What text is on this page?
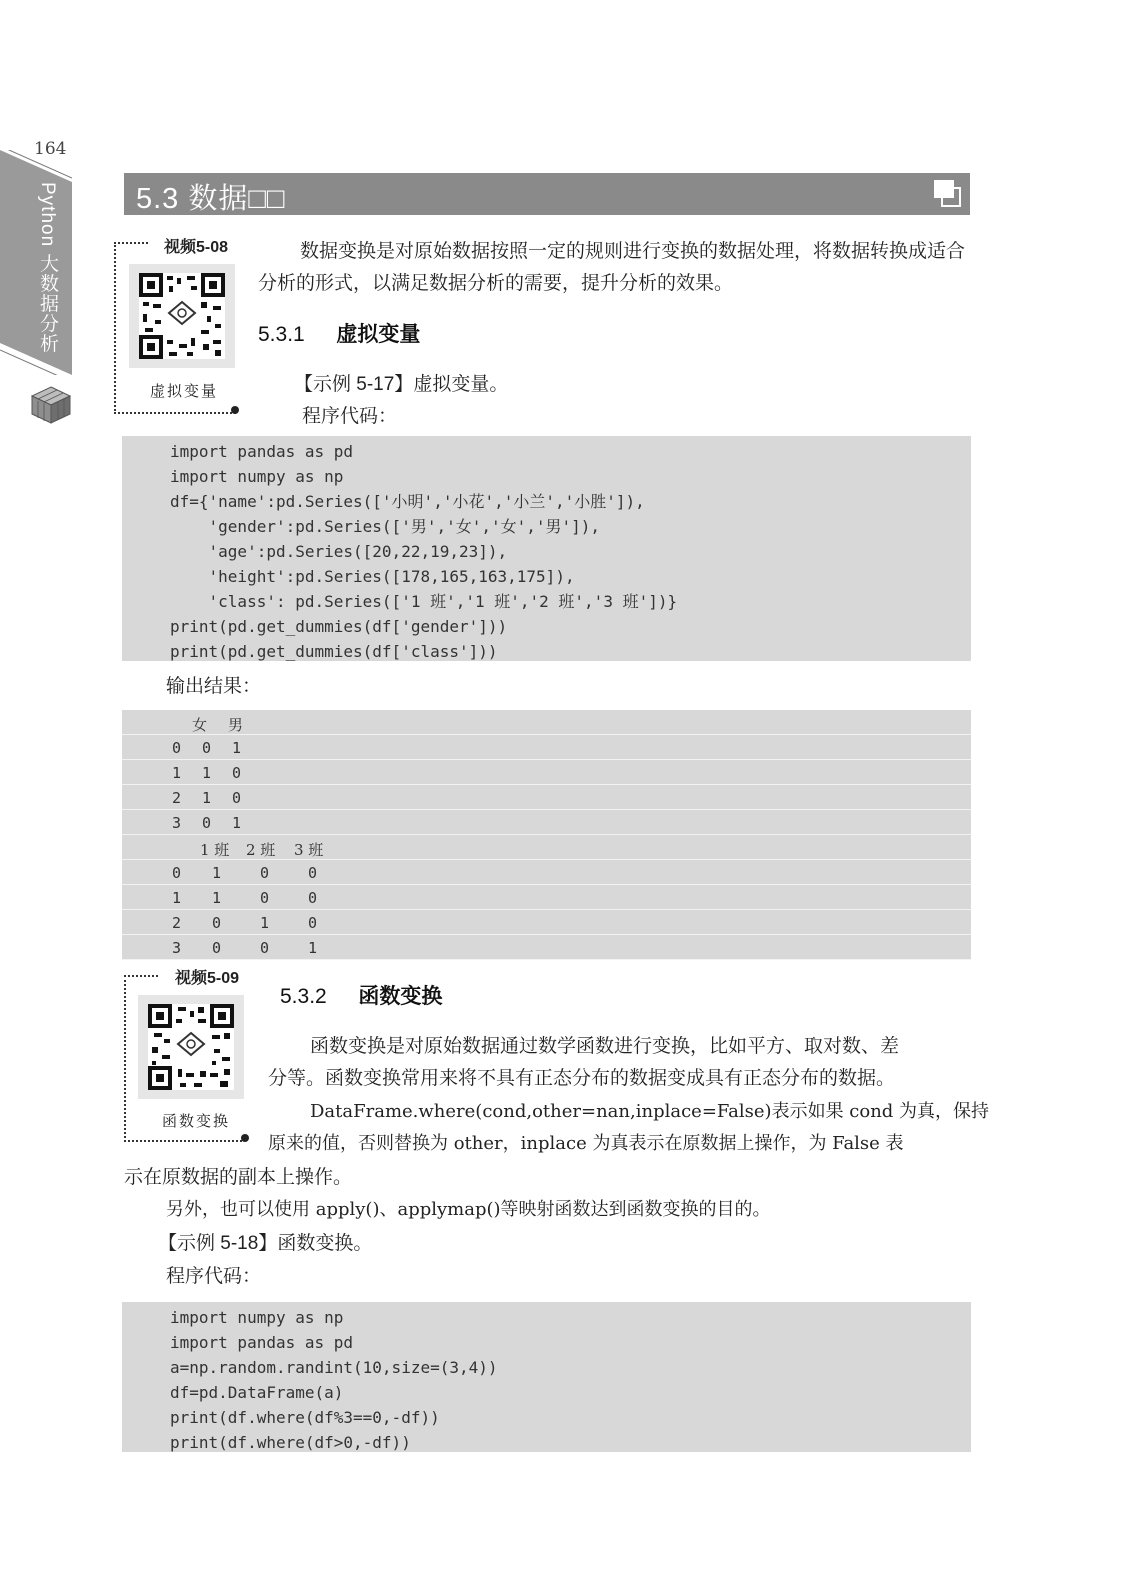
164
Python 大数据分析	5.3 数据□□
视频5-08
虚拟变量
数据变换是对原始数据按照一定的规则进行变换的数据处理，将数据转换成适合分析的形式，以满足数据分析的需要，提升分析的效果。
5.3.1 虚拟变量
【示例 5-17】虚拟变量。
程序代码：
import pandas as pd
import numpy as np
df={'name':pd.Series(['小明','小花','小兰','小胜']),
'gender':pd.Series(['男','女','女','男']),
'age':pd.Series([20,22,19,23]),
'height':pd.Series([178,165,163,175]),
'class': pd.Series(['1 班','1 班','2 班','3 班'])}
print(pd.get_dummies(df['gender']))
print(pd.get_dummies(df['class']))
输出结果：
女 男
0 0 1
1 1 0
2 1 0
3 0 1
1 班 2 班 3 班
0 1	0	0
1 1	0	0
2 0	1	0
3 0	0	1
视频5-09
函数变换
5.3.2 函数变换
函数变换是对原始数据通过数学函数进行变换，比如平方、取对数、差
分等。函数变换常用来将不具有正态分布的数据变成具有正态分布的数据。
DataFrame.where(cond,other=nan,inplace=False)表示如果 cond 为真，保持
原来的值，否则替换为 other，inplace 为真表示在原数据上操作，为 False 表
示在原数据的副本上操作。
另外，也可以使用 apply()、applymap()等映射函数达到函数变换的目的。
【示例 5-18】函数变换。
程序代码：
import numpy as np
import pandas as pd
a=np.random.randint(10,size=(3,4))
df=pd.DataFrame(a)
print(df.where(df%3==0,-df))
print(df.where(df>0,-df))
